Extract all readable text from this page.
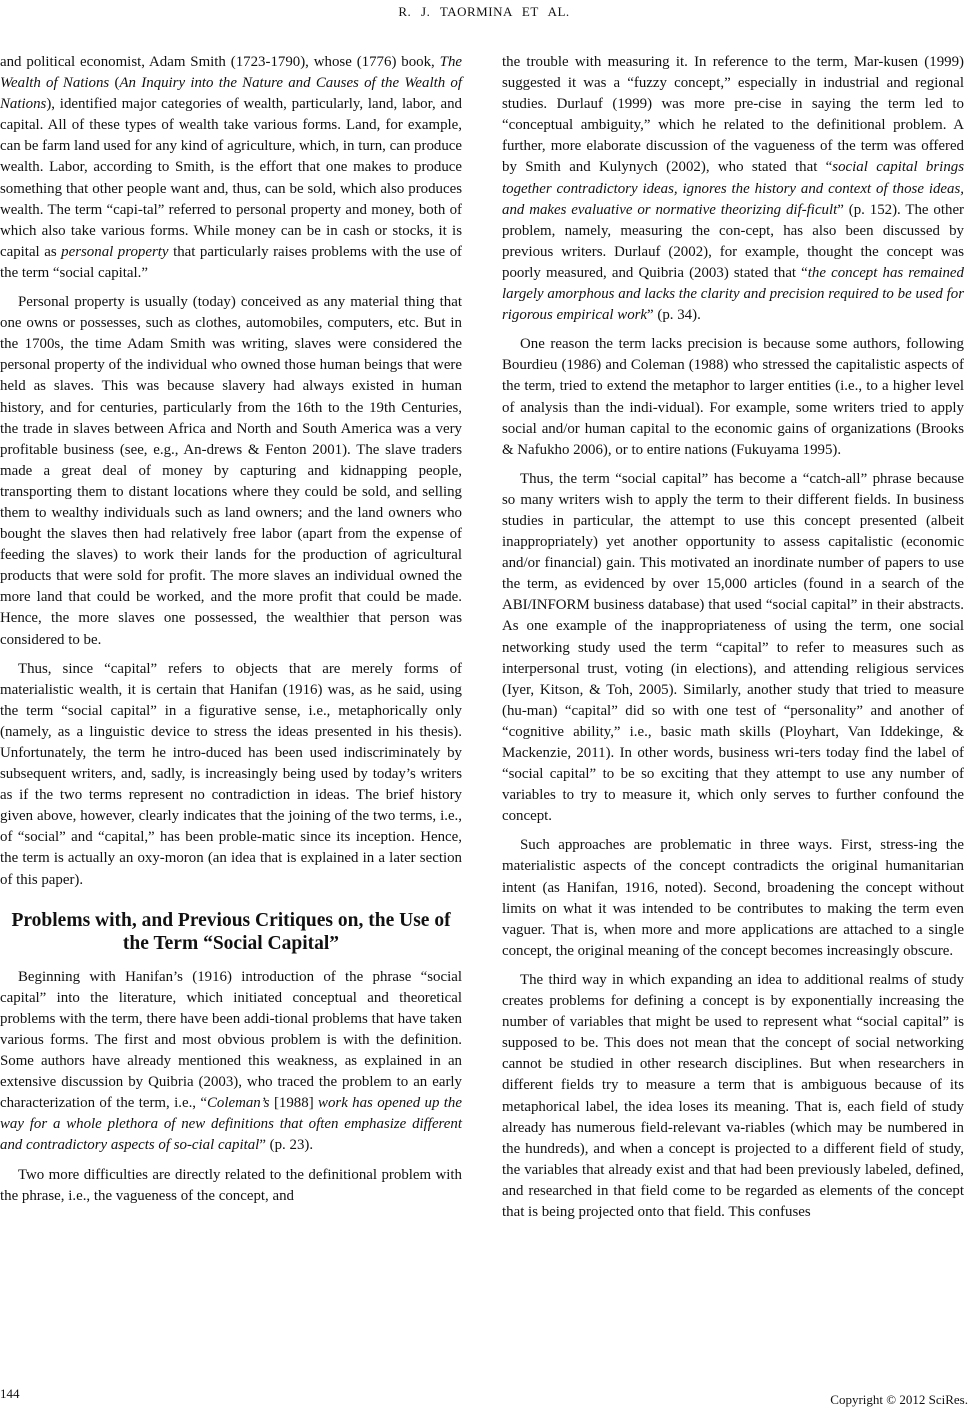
R. J. TAORMINA ET AL.

and political economist, Adam Smith (1723-1790), whose (1776) book, The Wealth of Nations (An Inquiry into the Nature and Causes of the Wealth of Nations), identified major categories of wealth, particularly, land, labor, and capital. All of these types of wealth take various forms. Land, for example, can be farm land used for any kind of agriculture, which, in turn, can produce wealth. Labor, according to Smith, is the effort that one makes to produce something that other people want and, thus, can be sold, which also produces wealth. The term “capi-tal” referred to personal property and money, both of which also take various forms. While money can be in cash or stocks, it is capital as personal property that particularly raises problems with the use of the term “social capital.”

Personal property is usually (today) conceived as any material thing that one owns or possesses, such as clothes, automobiles, computers, etc. But in the 1700s, the time Adam Smith was writing, slaves were considered the personal property of the individual who owned those human beings that were held as slaves. This was because slavery had always existed in human history, and for centuries, particularly from the 16th to the 19th Centuries, the trade in slaves between Africa and North and South America was a very profitable business (see, e.g., An-drews & Fenton 2001). The slave traders made a great deal of money by capturing and kidnapping people, transporting them to distant locations where they could be sold, and selling them to wealthy individuals such as land owners; and the land owners who bought the slaves then had relatively free labor (apart from the expense of feeding the slaves) to work their lands for the production of agricultural products that were sold for profit. The more slaves an individual owned the more land that could be worked, and the more profit that could be made. Hence, the more slaves one possessed, the wealthier that person was considered to be.

Thus, since “capital” refers to objects that are merely forms of materialistic wealth, it is certain that Hanifan (1916) was, as he said, using the term “social capital” in a figurative sense, i.e., metaphorically only (namely, as a linguistic device to stress the ideas presented in his thesis). Unfortunately, the term he intro-duced has been used indiscriminately by subsequent writers, and, sadly, is increasingly being used by today’s writers as if the two terms represent no contradiction in ideas. The brief history given above, however, clearly indicates that the joining of the two terms, i.e., of “social” and “capital,” has been proble-matic since its inception. Hence, the term is actually an oxy-moron (an idea that is explained in a later section of this paper).

Problems with, and Previous Critiques on, the Use of the Term “Social Capital”

Beginning with Hanifan’s (1916) introduction of the phrase “social capital” into the literature, which initiated conceptual and theoretical problems with the term, there have been addi-tional problems that have taken various forms. The first and most obvious problem is with the definition. Some authors have already mentioned this weakness, as explained in an extensive discussion by Quibria (2003), who traced the problem to an early characterization of the term, i.e., “Coleman’s [1988] work has opened up the way for a whole plethora of new definitions that often emphasize different and contradictory aspects of so-cial capital” (p. 23).

Two more difficulties are directly related to the definitional problem with the phrase, i.e., the vagueness of the concept, and

the trouble with measuring it. In reference to the term, Mar-kusen (1999) suggested it was a “fuzzy concept,” especially in industrial and regional studies. Durlauf (1999) was more pre-cise in saying the term led to “conceptual ambiguity,” which he related to the definitional problem. A further, more elaborate discussion of the vagueness of the term was offered by Smith and Kulynych (2002), who stated that “social capital brings together contradictory ideas, ignores the history and context of those ideas, and makes evaluative or normative theorizing dif-ficult” (p. 152). The other problem, namely, measuring the con-cept, has also been discussed by previous writers. Durlauf (2002), for example, thought the concept was poorly measured, and Quibria (2003) stated that “the concept has remained largely amorphous and lacks the clarity and precision required to be used for rigorous empirical work” (p. 34).

One reason the term lacks precision is because some authors, following Bourdieu (1986) and Coleman (1988) who stressed the capitalistic aspects of the term, tried to extend the metaphor to larger entities (i.e., to a higher level of analysis than the indi-vidual). For example, some writers tried to apply social and/or human capital to the economic gains of organizations (Brooks & Nafukho 2006), or to entire nations (Fukuyama 1995).

Thus, the term “social capital” has become a “catch-all” phrase because so many writers wish to apply the term to their different fields. In business studies in particular, the attempt to use this concept presented (albeit inappropriately) yet another opportunity to assess capitalistic (economic and/or financial) gain. This motivated an inordinate number of papers to use the term, as evidenced by over 15,000 articles (found in a search of the ABI/INFORM business database) that used “social capital” in their abstracts. As one example of the inappropriateness of using the term, one social networking study used the term “capital” to refer to measures such as interpersonal trust, voting (in elections), and attending religious services (Iyer, Kitson, & Toh, 2005). Similarly, another study that tried to measure (hu-man) “capital” did so with one test of “personality” and another of “cognitive ability,” i.e., basic math skills (Ployhart, Van Iddekinge, & Mackenzie, 2011). In other words, business wri-ters today find the label of “social capital” to be so exciting that they attempt to use any number of variables to try to measure it, which only serves to further confound the concept.

Such approaches are problematic in three ways. First, stress-ing the materialistic aspects of the concept contradicts the original humanitarian intent (as Hanifan, 1916, noted). Second, broadening the concept without limits on what it was intended to be contributes to making the term even vaguer. That is, when more and more applications are attached to a single concept, the original meaning of the concept becomes increasingly obscure.

The third way in which expanding an idea to additional realms of study creates problems for defining a concept is by exponentially increasing the number of variables that might be used to represent what “social capital” is supposed to be. This does not mean that the concept of social networking cannot be studied in other research disciplines. But when researchers in different fields try to measure a term that is ambiguous because of its metaphorical label, the idea loses its meaning. That is, each field of study already has numerous field-relevant va-riables (which may be numbered in the hundreds), and when a concept is projected to a different field of study, the variables that already exist and that had been previously labeled, defined, and researched in that field come to be regarded as elements of the concept that is being projected onto that field. This confuses

144	Copyright © 2012 SciRes.
